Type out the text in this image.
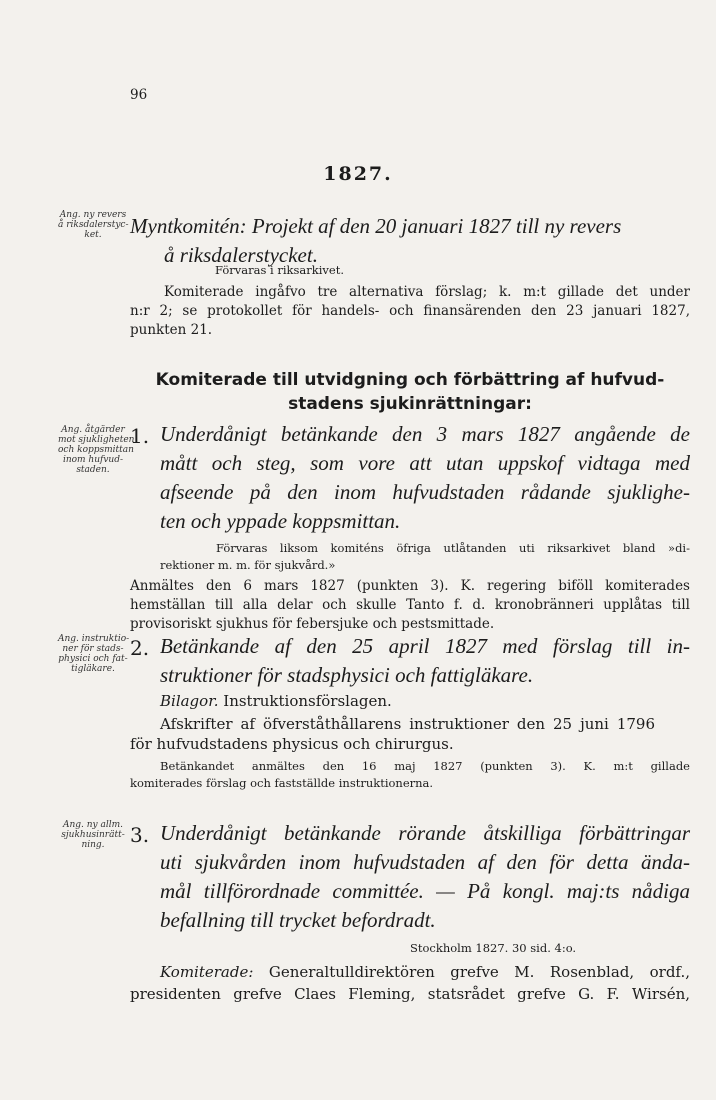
96
1827.
Ang. ny revers
å riksdalerstyc-
ket.	Myntkomitén: Projekt af den 20 januari 1827 till ny revers
å riksdalerstycket.
Förvaras i riksarkivet.
Komiterade ingåfvo tre alternativa förslag; k. m:t gillade det under
n:r 2; se protokollet för handels- och finansärenden den 23 januari 1827,
punkten 21.
Komiterade till utvidgning och förbättring af hufvud-
stadens sjukinrättningar:
Ang. åtgärder
mot sjukligheten
och koppsmittan
inom hufvud-
staden.
1. Underdånigt betänkande den 3 mars 1827 angående de
mått och steg, som vore att utan uppskof vidtaga med
afseende på den inom hufvudstaden rådande sjuklighe-
ten och yppade koppsmittan.
Förvaras liksom komiténs öfriga utlåtanden uti riksarkivet bland »di-
rektioner m. m. för sjukvård.»
Anmältes den 6 mars 1827 (punkten 3). K. regering biföll komiterades
hemställan till alla delar och skulle Tanto f. d. kronobränneri upplåtas till
provisoriskt sjukhus för febersjuke och pestsmittade.
Ang. instruktio-
ner för stads-
physici och fat-
tigläkare.
2. Betänkande af den 25 april 1827 med förslag till in-
struktioner för stadsphysici och fattigläkare.
Bilagor. Instruktionsförslagen.
Afskrifter af öfverståthållarens instruktioner den 25 juni 1796
för hufvudstadens physicus och chirurgus.
Betänkandet anmältes den 16 maj 1827 (punkten 3). K. m:t gillade
komiterades förslag och fastställde instruktionerna.
Ang. ny allm.
sjukhusinrätt-
ning.	3. Underdånigt betänkande rörande åtskilliga förbättringar
uti sjukvården inom hufvudstaden af den för detta ända-
mål tillförordnade committée. — På kongl. maj:ts nådiga
befallning till trycket befordradt.
Stockholm 1827. 30 sid. 4:o.
Komiterade: Generaltulldirektören grefve M. Rosenblad, ordf.,
presidenten grefve Claes Fleming, statsrådet grefve G. F. Wirsén,
